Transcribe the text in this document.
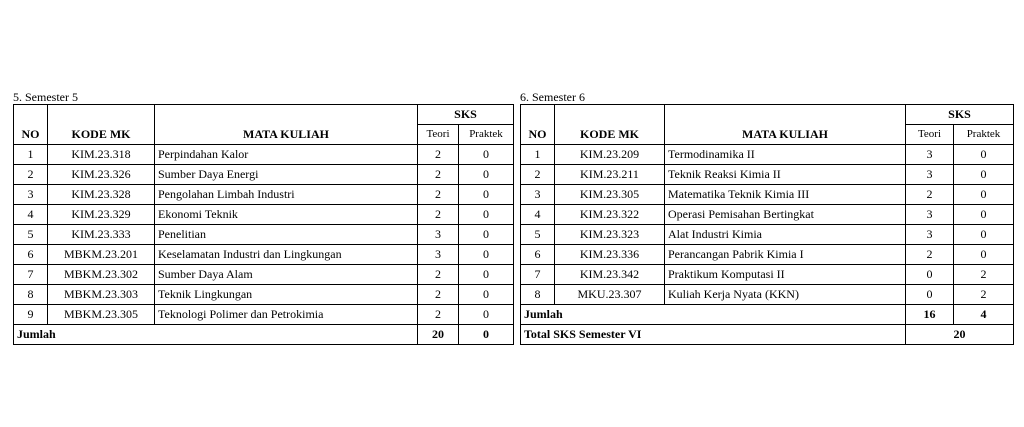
5. Semester 5
			SKS	
NO	KODE MK	MATA KULIAH	Teori	Praktek
1	KIM.23.318	Perpindahan Kalor	2	0
2	KIM.23.326	Sumber Daya Energi	2	0
3	KIM.23.328	Pengolahan Limbah Industri	2	0
4	KIM.23.329	Ekonomi Teknik	2	0
5	KIM.23.333	Penelitian	3	0
6	MBKM.23.201	Keselamatan Industri dan Lingkungan	3	0
7	MBKM.23.302	Sumber Daya Alam	2	0
8	MBKM.23.303	Teknik Lingkungan	2	0
9	MBKM.23.305	Teknologi Polimer dan Petrokimia	2	0
Jumlah			20	0
6. Semester 6
			SKS	
NO	KODE MK	MATA KULIAH	Teori	Praktek
1	KIM.23.209	Termodinamika II	3	0
2	KIM.23.211	Teknik Reaksi Kimia II	3	0
3	KIM.23.305	Matematika Teknik Kimia III	2	0
4	KIM.23.322	Operasi Pemisahan Bertingkat	3	0
5	KIM.23.323	Alat Industri Kimia	3	0
6	KIM.23.336	Perancangan Pabrik Kimia I	2	0
7	KIM.23.342	Praktikum Komputasi II	0	2
8	MKU.23.307	Kuliah Kerja Nyata (KKN)	0	2
Jumlah			16	4
Total SKS Semester VI			20	
